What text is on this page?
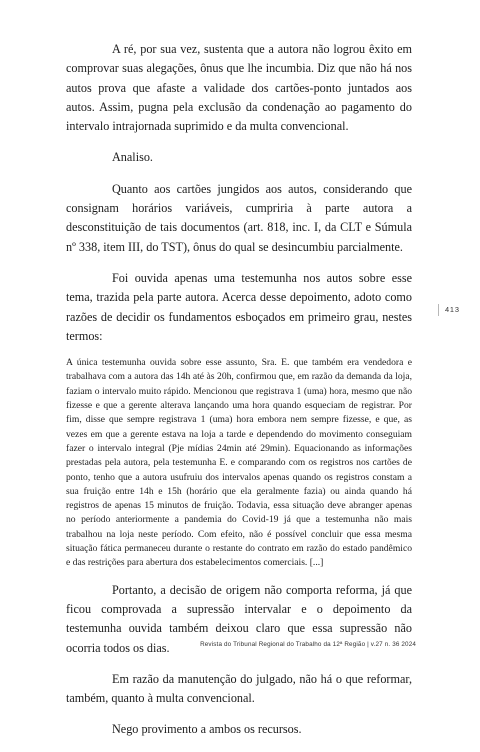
A ré, por sua vez, sustenta que a autora não logrou êxito em comprovar suas alegações, ônus que lhe incumbia. Diz que não há nos autos prova que afaste a validade dos cartões-ponto juntados aos autos. Assim, pugna pela exclusão da condenação ao pagamento do intervalo intrajornada suprimido e da multa convencional.

Analiso.

Quanto aos cartões jungidos aos autos, considerando que consignam horários variáveis, cumpriria à parte autora a desconstituição de tais documentos (art. 818, inc. I, da CLT e Súmula nº 338, item III, do TST), ônus do qual se desincumbiu parcialmente.

Foi ouvida apenas uma testemunha nos autos sobre esse tema, trazida pela parte autora. Acerca desse depoimento, adoto como razões de decidir os fundamentos esboçados em primeiro grau, nestes termos:

A única testemunha ouvida sobre esse assunto, Sra. E. que também era vendedora e trabalhava com a autora das 14h até às 20h, confirmou que, em razão da demanda da loja, faziam o intervalo muito rápido. Mencionou que registrava 1 (uma) hora, mesmo que não fizesse e que a gerente alterava lançando uma hora quando esqueciam de registrar. Por fim, disse que sempre registrava 1 (uma) hora embora nem sempre fizesse, e que, as vezes em que a gerente estava na loja a tarde e dependendo do movimento conseguiam fazer o intervalo integral (Pje mídias 24min até 29min). Equacionando as informações prestadas pela autora, pela testemunha E. e comparando com os registros nos cartões de ponto, tenho que a autora usufruiu dos intervalos apenas quando os registros constam a sua fruição entre 14h e 15h (horário que ela geralmente fazia) ou ainda quando há registros de apenas 15 minutos de fruição. Todavia, essa situação deve abranger apenas no período anteriormente a pandemia do Covid-19 já que a testemunha não mais trabalhou na loja neste período. Com efeito, não é possível concluir que essa mesma situação fática permaneceu durante o restante do contrato em razão do estado pandêmico e das restrições para abertura dos estabelecimentos comerciais. [...]

Portanto, a decisão de origem não comporta reforma, já que ficou comprovada a supressão intervalar e o depoimento da testemunha ouvida também deixou claro que essa supressão não ocorria todos os dias.

Em razão da manutenção do julgado, não há o que reformar, também, quanto à multa convencional.

Nego provimento a ambos os recursos.

413
Revista do Tribunal Regional do Trabalho da 12ª Região | v.27 n. 36 2024
